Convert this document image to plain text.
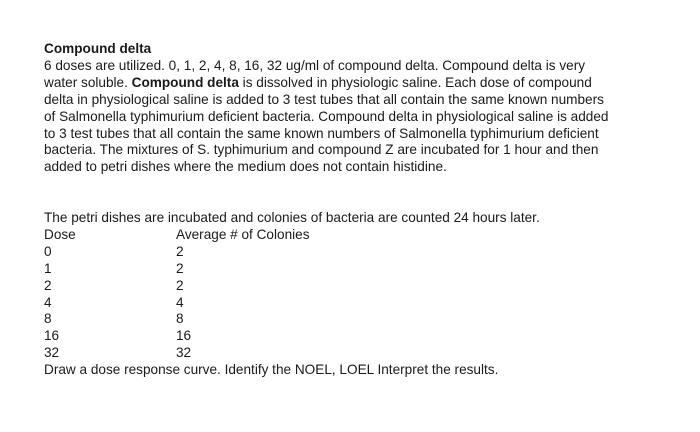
Compound delta
6 doses are utilized. 0, 1, 2, 4, 8, 16, 32 ug/ml of compound delta. Compound delta is very
water soluble. Compound delta is dissolved in physiologic saline. Each dose of compound
delta in physiological saline is added to 3 test tubes that all contain the same known numbers
of Salmonella typhimurium deficient bacteria. Compound delta in physiological saline is added
to 3 test tubes that all contain the same known numbers of Salmonella typhimurium deficient
bacteria. The mixtures of S. typhimurium and compound Z are incubated for 1 hour and then
added to petri dishes where the medium does not contain histidine.
The petri dishes are incubated and colonies of bacteria are counted 24 hours later.
Dose	Average # of Colonies
0	2
1	2
2	2
4	4
8	8
16	16
32	32
Draw a dose response curve. Identify the NOEL, LOEL Interpret the results.
